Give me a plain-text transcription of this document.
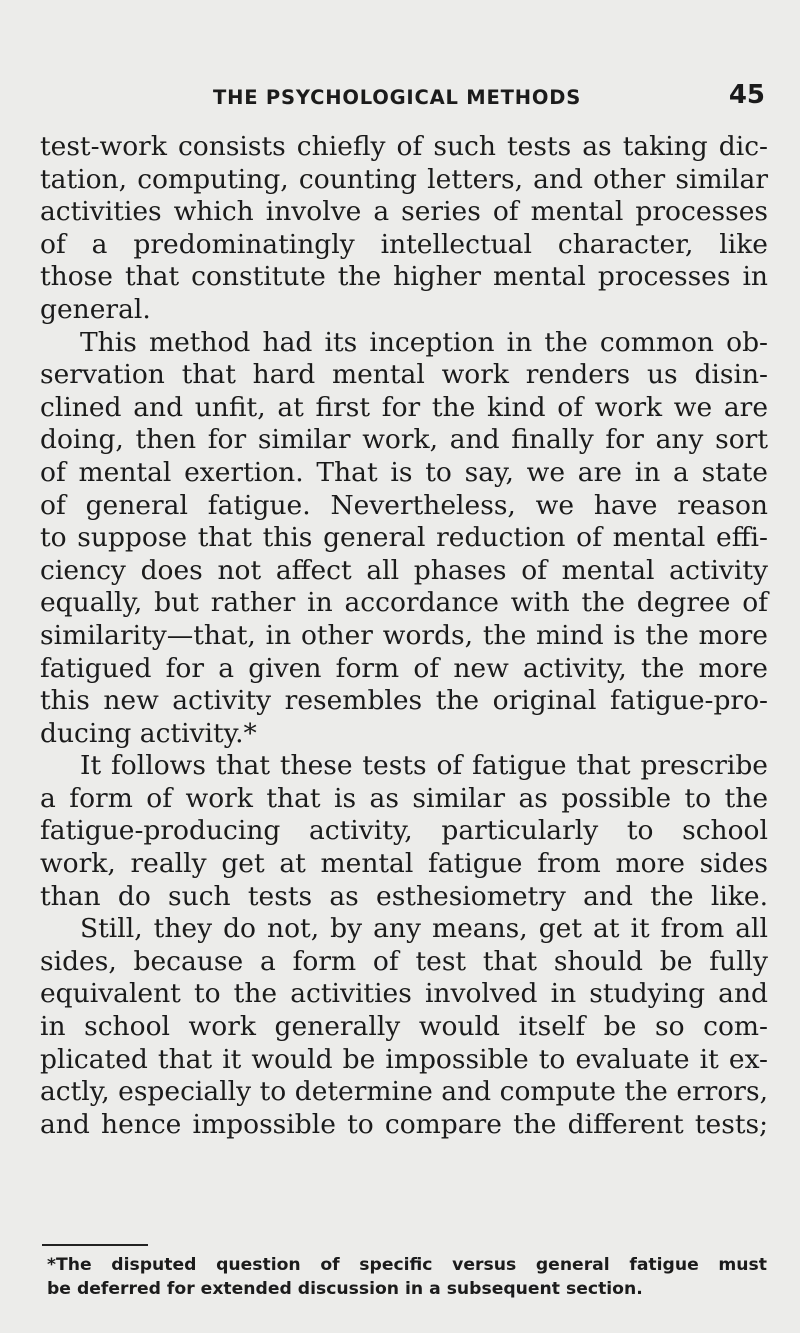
THE PSYCHOLOGICAL METHODS	45
test-work consists chiefly of such tests as taking dic-
tation, computing, counting letters, and other similar
activities which involve a series of mental processes
of a predominatingly intellectual character, like
those that constitute the higher mental processes in
general.
This method had its inception in the common ob-
servation that hard mental work renders us disin-
clined and unfit, at first for the kind of work we are
doing, then for similar work, and finally for any sort
of mental exertion. That is to say, we are in a state
of general fatigue. Nevertheless, we have reason
to suppose that this general reduction of mental effi-
ciency does not affect all phases of mental activity
equally, but rather in accordance with the degree of
similarity—that, in other words, the mind is the more
fatigued for a given form of new activity, the more
this new activity resembles the original fatigue-pro-
ducing activity.*
It follows that these tests of fatigue that prescribe
a form of work that is as similar as possible to the
fatigue-producing activity, particularly to school
work, really get at mental fatigue from more sides
than do such tests as esthesiometry and the like.
Still, they do not, by any means, get at it from all
sides, because a form of test that should be fully
equivalent to the activities involved in studying and
in school work generally would itself be so com-
plicated that it would be impossible to evaluate it ex-
actly, especially to determine and compute the errors,
and hence impossible to compare the different tests;
*The disputed question of specific versus general fatigue must
be deferred for extended discussion in a subsequent section.
